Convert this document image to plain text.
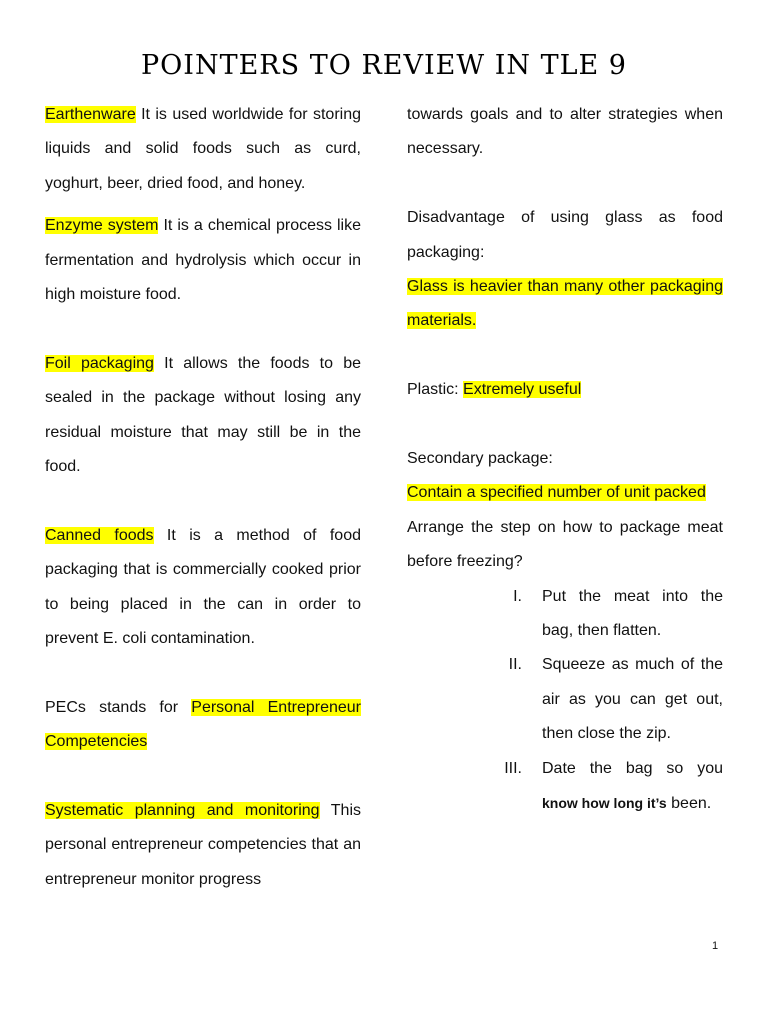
POINTERS TO REVIEW IN TLE 9

Earthenware It is used worldwide for storing liquids and solid foods such as curd, yoghurt, beer, dried food, and honey.

Enzyme system It is a chemical process like fermentation and hydrolysis which occur in high moisture food.

Foil packaging It allows the foods to be sealed in the package without losing any residual moisture that may still be in the food.

Canned foods It is a method of food packaging that is commercially cooked prior to being placed in the can in order to prevent E. coli contamination.

PECs stands for Personal Entrepreneur Competencies

Systematic planning and monitoring This personal entrepreneur competencies that an entrepreneur monitor progress

towards goals and to alter strategies when necessary.

Disadvantage of using glass as food packaging:

Glass is heavier than many other packaging materials.

Plastic: Extremely useful

Secondary package:

Contain a specified number of unit packed

Arrange the step on how to package meat before freezing?

I.	Put the meat into the bag, then flatten.
II.	Squeeze as much of the air as you can get out, then close the zip.
III.	Date the bag so you know how long it’s been.
1
